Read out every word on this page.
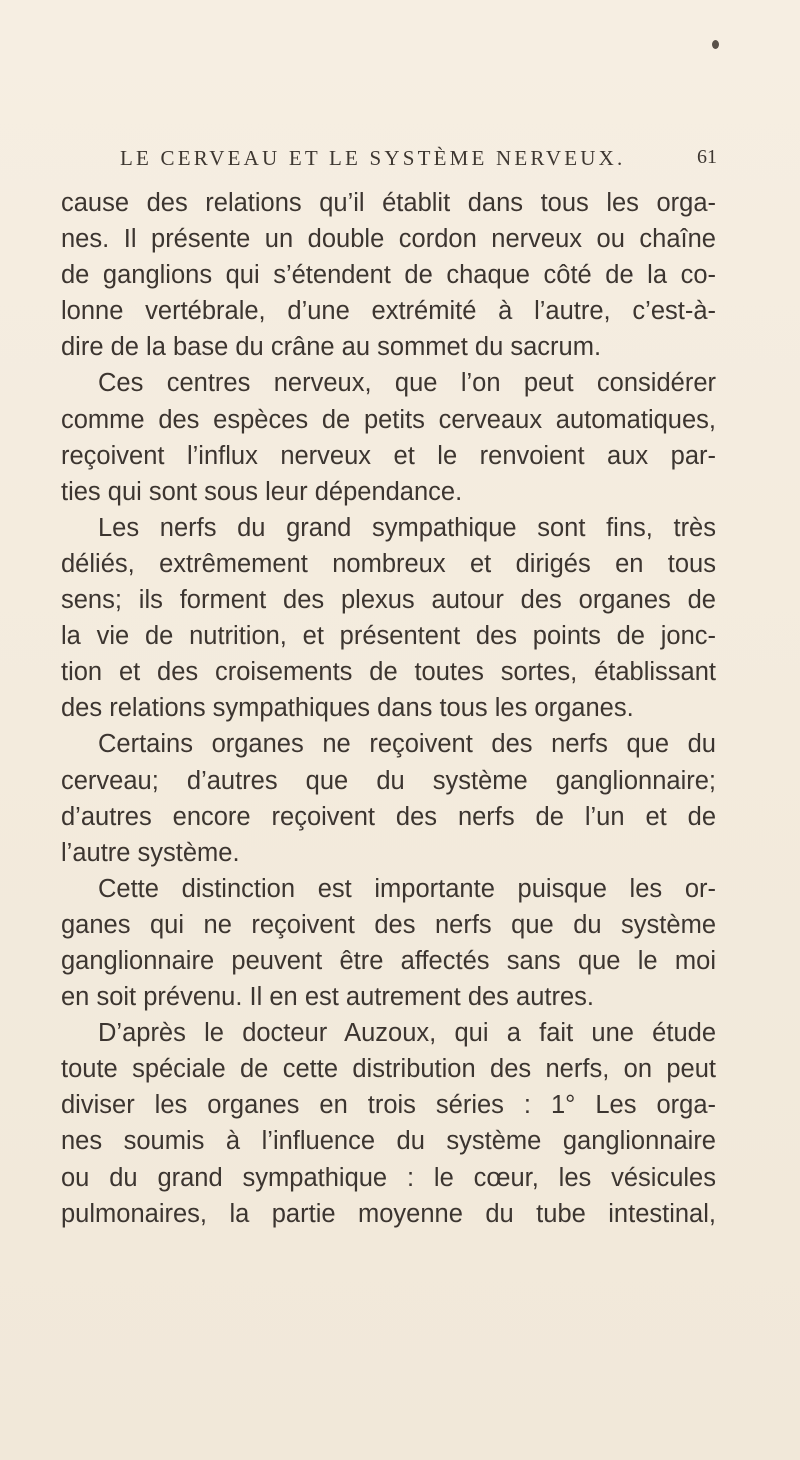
LE CERVEAU ET LE SYSTÈME NERVEUX.	61
cause des relations qu’il établit dans tous les orga-
nes. Il présente un double cordon nerveux ou chaîne
de ganglions qui s’étendent de chaque côté de la co-
lonne vertébrale, d’une extrémité à l’autre, c’est-à-
dire de la base du crâne au sommet du sacrum.
Ces centres nerveux, que l’on peut considérer
comme des espèces de petits cerveaux automatiques,
reçoivent l’influx nerveux et le renvoient aux par-
ties qui sont sous leur dépendance.
Les nerfs du grand sympathique sont fins, très
déliés, extrêmement nombreux et dirigés en tous
sens; ils forment des plexus autour des organes de
la vie de nutrition, et présentent des points de jonc-
tion et des croisements de toutes sortes, établissant
des relations sympathiques dans tous les organes.
Certains organes ne reçoivent des nerfs que du
cerveau; d’autres que du système ganglionnaire;
d’autres encore reçoivent des nerfs de l’un et de
l’autre système.
Cette distinction est importante puisque les or-
ganes qui ne reçoivent des nerfs que du système
ganglionnaire peuvent être affectés sans que le moi
en soit prévenu. Il en est autrement des autres.
D’après le docteur Auzoux, qui a fait une étude
toute spéciale de cette distribution des nerfs, on peut
diviser les organes en trois séries : 1° Les orga-
nes soumis à l’influence du système ganglionnaire
ou du grand sympathique : le cœur, les vésicules
pulmonaires, la partie moyenne du tube intestinal,
